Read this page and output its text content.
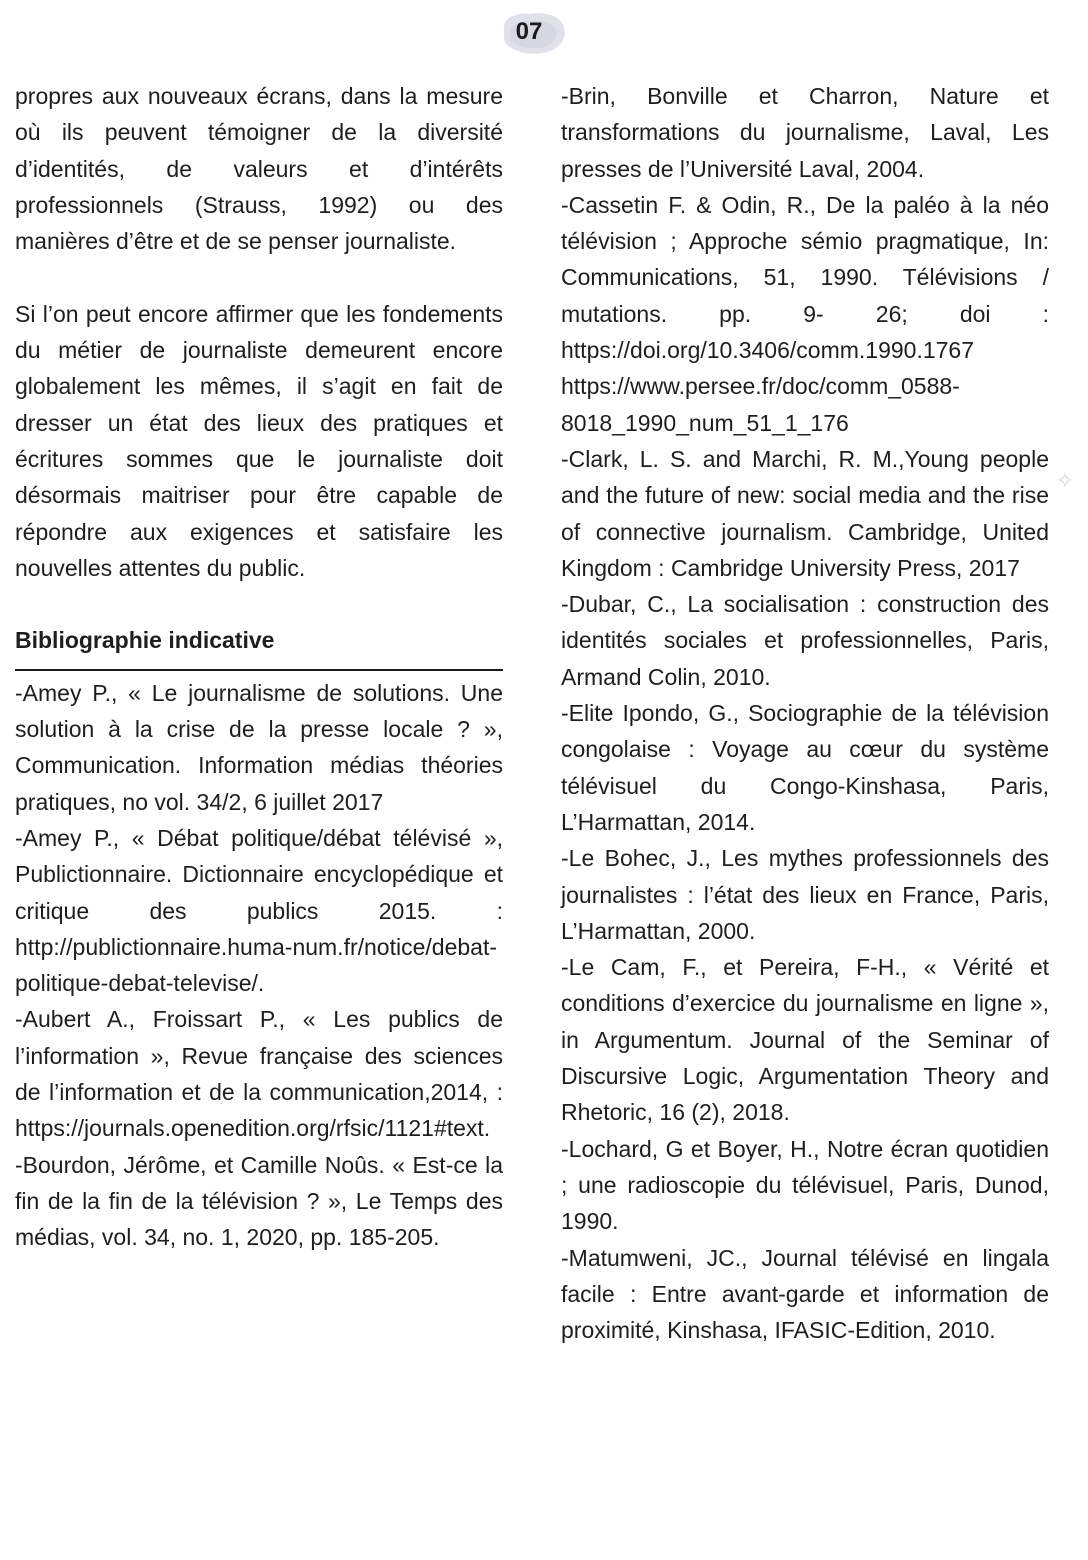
07

propres aux nouveaux écrans, dans la mesure où ils peuvent témoigner de la diversité d’identités, de valeurs et d’intérêts professionnels (Strauss, 1992) ou des manières d’être et de se penser journaliste.

Si l’on peut encore affirmer que les fondements du métier de journaliste demeurent encore globalement les mêmes, il s’agit en fait de dresser un état des lieux des pratiques et écritures sommes que le journaliste doit désormais maitriser pour être capable de répondre aux exigences et satisfaire les nouvelles attentes du public.

Bibliographie indicative

-Amey P., « Le journalisme de solutions. Une solution à la crise de la presse locale ? », Communication. Information médias théories pratiques, no vol. 34/2, 6 juillet 2017

-Amey P., « Débat politique/débat télévisé », Publictionnaire. Dictionnaire encyclopédique et critique des publics 2015. : http://publictionnaire.huma-num.fr/notice/debat-politique-debat-televise/.

-Aubert A., Froissart P., « Les publics de l’information », Revue française des sciences de l’information et de la communication,2014, : https://journals.openedition.org/rfsic/1121#text.

-Bourdon, Jérôme, et Camille Noûs. « Est-ce la fin de la fin de la télévision ? », Le Temps des médias, vol. 34, no. 1, 2020, pp. 185-205.

-Brin, Bonville et Charron, Nature et transformations du journalisme, Laval, Les presses de l’Université Laval, 2004.

-Cassetin F. & Odin, R., De la paléo à la néo télévision ; Approche sémio pragmatique, In: Communications, 51, 1990. Télévisions / mutations. pp. 9- 26; doi : https://doi.org/10.3406/comm.1990.1767

https://www.persee.fr/doc/comm_0588-8018_1990_num_51_1_176

-Clark, L. S. and Marchi, R. M.,Young people and the future of new: social media and the rise of connective journalism. Cambridge, United Kingdom : Cambridge University Press, 2017

-Dubar, C., La socialisation : construction des identités sociales et professionnelles, Paris, Armand Colin, 2010.

-Elite Ipondo, G., Sociographie de la télévision congolaise : Voyage au cœur du système télévisuel du Congo-Kinshasa, Paris, L’Harmattan, 2014.

-Le Bohec, J., Les mythes professionnels des journalistes : l’état des lieux en France, Paris, L’Harmattan, 2000.

-Le Cam, F., et Pereira, F-H., « Vérité et conditions d’exercice du journalisme en ligne », in Argumentum. Journal of the Seminar of Discursive Logic, Argumentation Theory and Rhetoric, 16 (2), 2018.

-Lochard, G et Boyer, H., Notre écran quotidien ; une radioscopie du télévisuel, Paris, Dunod, 1990.

-Matumweni, JC., Journal télévisé en lingala facile : Entre avant-garde et information de proximité, Kinshasa, IFASIC-Edition, 2010.

✧
